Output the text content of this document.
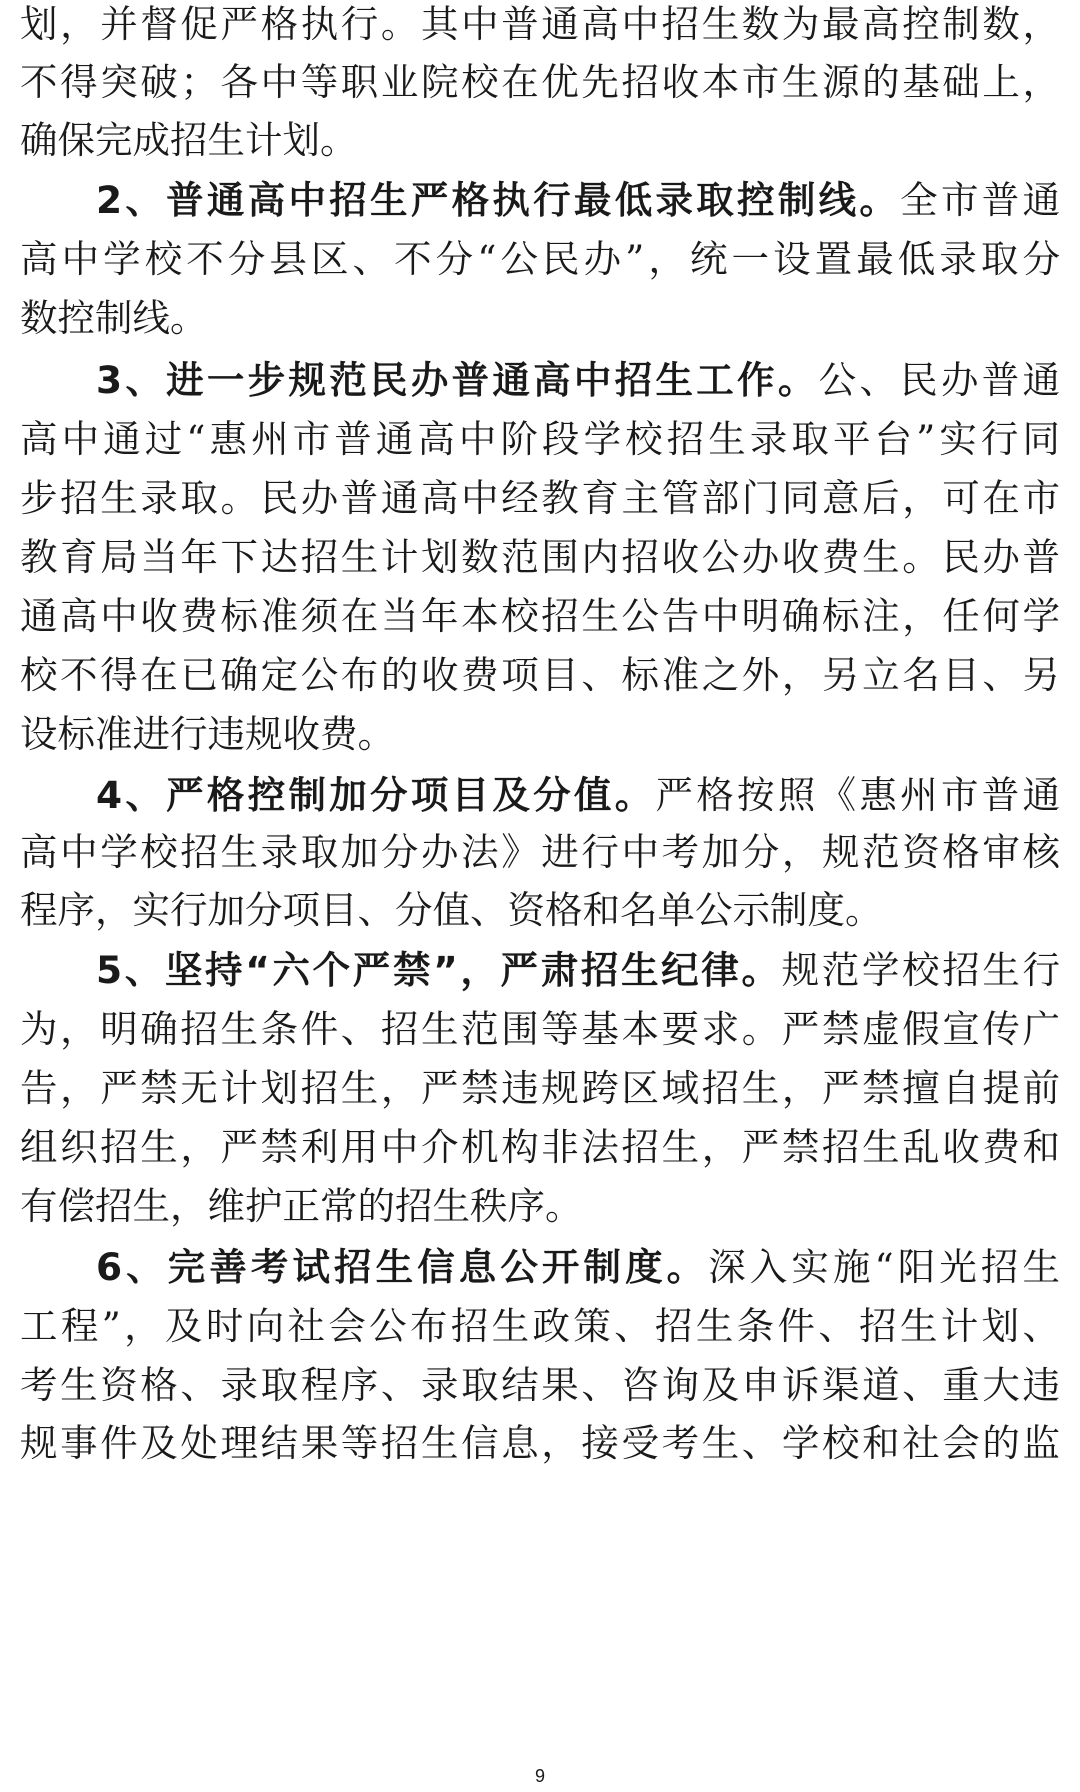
划，并督促严格执行。其中普通高中招生数为最高控制数，
不得突破；各中等职业院校在优先招收本市生源的基础上，
确保完成招生计划。
2、普通高中招生严格执行最低录取控制线。全市普通
高中学校不分县区、不分“公民办”，统一设置最低录取分
数控制线。
3、进一步规范民办普通高中招生工作。公、民办普通
高中通过“惠州市普通高中阶段学校招生录取平台”实行同
步招生录取。民办普通高中经教育主管部门同意后，可在市
教育局当年下达招生计划数范围内招收公办收费生。民办普
通高中收费标准须在当年本校招生公告中明确标注，任何学
校不得在已确定公布的收费项目、标准之外，另立名目、另
设标准进行违规收费。
4、严格控制加分项目及分值。严格按照《惠州市普通
高中学校招生录取加分办法》进行中考加分，规范资格审核
程序，实行加分项目、分值、资格和名单公示制度。
5、坚持“六个严禁”，严肃招生纪律。规范学校招生行
为，明确招生条件、招生范围等基本要求。严禁虚假宣传广
告，严禁无计划招生，严禁违规跨区域招生，严禁擅自提前
组织招生，严禁利用中介机构非法招生，严禁招生乱收费和
有偿招生，维护正常的招生秩序。
6、完善考试招生信息公开制度。深入实施“阳光招生
工程”，及时向社会公布招生政策、招生条件、招生计划、
考生资格、录取程序、录取结果、咨询及申诉渠道、重大违
规事件及处理结果等招生信息，接受考生、学校和社会的监
9
